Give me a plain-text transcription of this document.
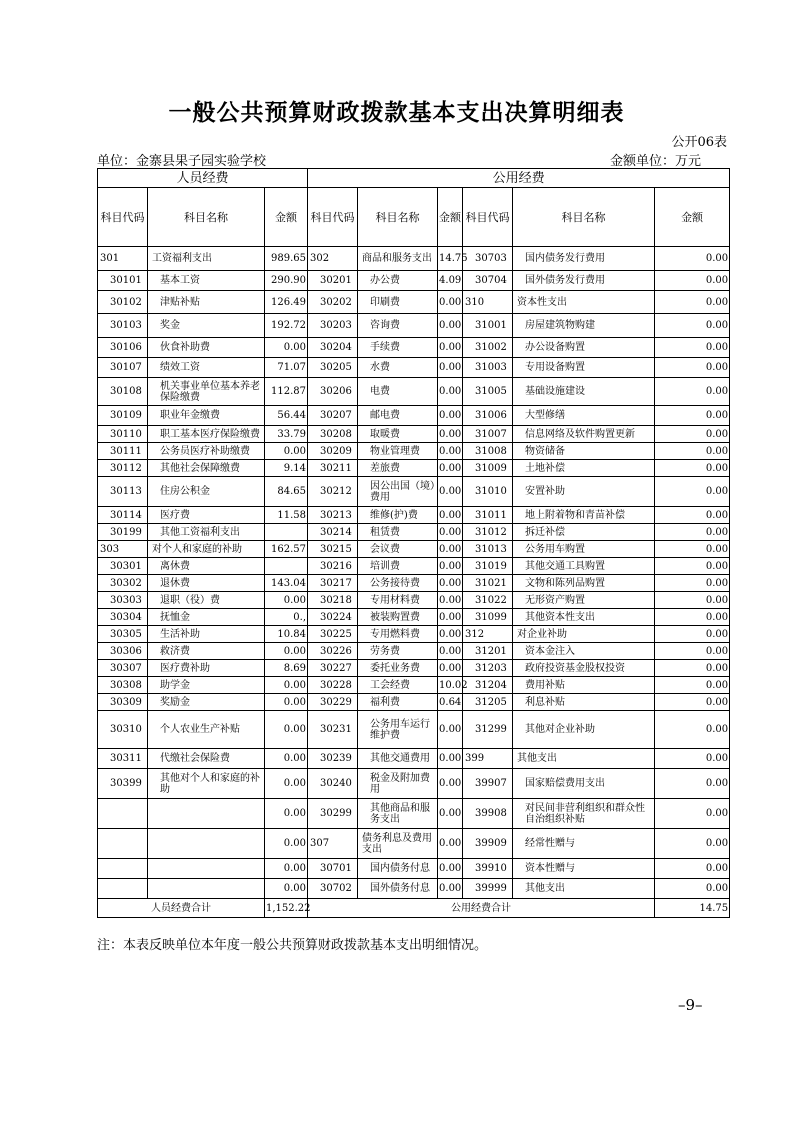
一般公共预算财政拨款基本支出决算明细表
公开06表
单位：金寨县果子园实验学校	金额单位：万元
人员经费			公用经费					
科目代码	科目名称	金额	科目代码	科目名称	金额	科目代码	科目名称	金额
301	工资福利支出	989.65	302	商品和服务支出	14.75	30703	国内债务发行费用	0.00
30101	基本工资	290.90	30201	办公费	4.09	30704	国外债务发行费用	0.00
30102	津贴补贴	126.49	30202	印刷费	0.00	310	资本性支出	0.00
30103	奖金	192.72	30203	咨询费	0.00	31001	房屋建筑物购建	0.00
30106	伙食补助费	0.00	30204	手续费	0.00	31002	办公设备购置	0.00
30107	绩效工资	71.07	30205	水费	0.00	31003	专用设备购置	0.00
30108	机关事业单位基本养老保险缴费	112.87	30206	电费	0.00	31005	基础设施建设	0.00
30109	职业年金缴费	56.44	30207	邮电费	0.00	31006	大型修缮	0.00
30110	职工基本医疗保险缴费	33.79	30208	取暖费	0.00	31007	信息网络及软件购置更新	0.00
30111	公务员医疗补助缴费	0.00	30209	物业管理费	0.00	31008	物资储备	0.00
30112	其他社会保障缴费	9.14	30211	差旅费	0.00	31009	土地补偿	0.00
30113	住房公积金	84.65	30212	因公出国（境）费用	0.00	31010	安置补助	0.00
30114	医疗费	11.58	30213	维修(护)费	0.00	31011	地上附着物和青苗补偿	0.00
30199	其他工资福利支出		30214	租赁费	0.00	31012	拆迁补偿	0.00
303	对个人和家庭的补助	162.57	30215	会议费	0.00	31013	公务用车购置	0.00
30301	离休费		30216	培训费	0.00	31019	其他交通工具购置	0.00
30302	退休费	143.04	30217	公务接待费	0.00	31021	文物和陈列品购置	0.00
30303	退职（役）费	0.00	30218	专用材料费	0.00	31022	无形资产购置	0.00
30304	抚恤金	0.,	30224	被装购置费	0.00	31099	其他资本性支出	0.00
30305	生活补助	10.84	30225	专用燃料费	0.00	312	对企业补助	0.00
30306	救济费	0.00	30226	劳务费	0.00	31201	资本金注入	0.00
30307	医疗费补助	8.69	30227	委托业务费	0.00	31203	政府投资基金股权投资	0.00
30308	助学金	0.00	30228	工会经费	10.02	31204	费用补贴	0.00
30309	奖励金	0.00	30229	福利费	0.64	31205	利息补贴	0.00
30310	个人农业生产补贴	0.00	30231	公务用车运行维护费	0.00	31299	其他对企业补助	0.00
30311	代缴社会保险费	0.00	30239	其他交通费用	0.00	399	其他支出	0.00
30399	其他对个人和家庭的补助	0.00	30240	税金及附加费用	0.00	39907	国家赔偿费用支出	0.00
		0.00	30299	其他商品和服务支出	0.00	39908	对民间非营利组织和群众性自治组织补贴	0.00
		0.00	307	债务利息及费用支出	0.00	39909	经常性赠与	0.00
		0.00	30701	国内债务付息	0.00	39910	资本性赠与	0.00
		0.00	30702	国外债务付息	0.00	39999	其他支出	0.00
人员经费合计		1,152.22	公用经费合计					14.75
注：本表反映单位本年度一般公共预算财政拨款基本支出明细情况。
–9–
